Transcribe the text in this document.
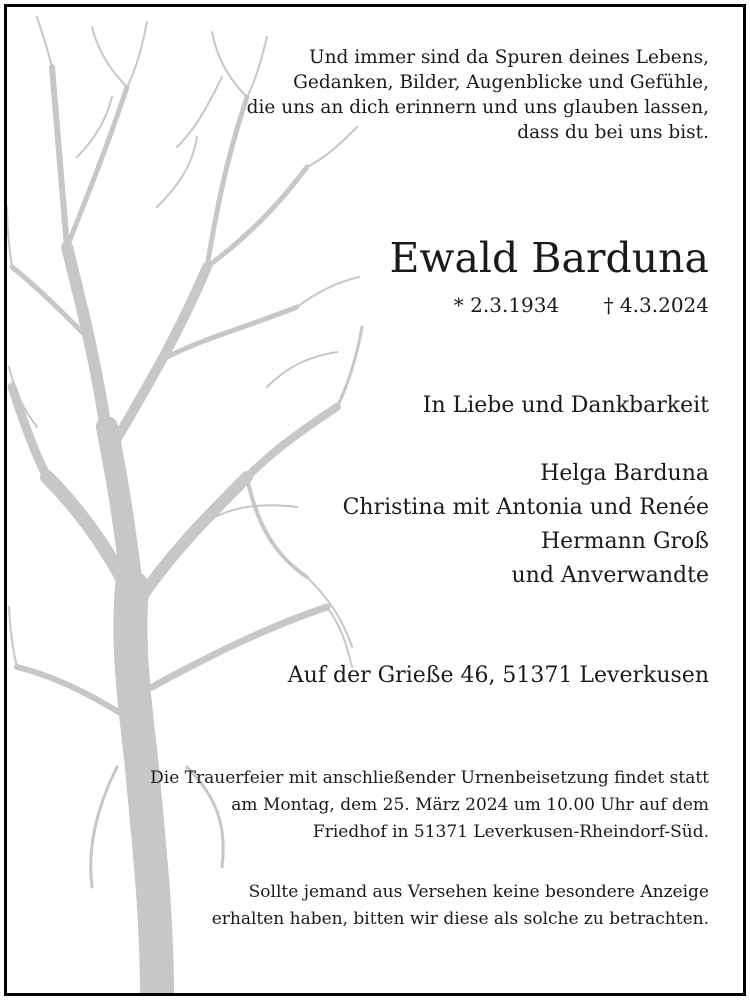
Und immer sind da Spuren deines Lebens,
Gedanken, Bilder, Augenblicke und Gefühle,
die uns an dich erinnern und uns glauben lassen,
dass du bei uns bist.
Ewald Barduna
* 2.3.1934 † 4.3.2024
In Liebe und Dankbarkeit
Helga Barduna
Christina mit Antonia und Renée
Hermann Groß
und Anverwandte
Auf der Grieße 46, 51371 Leverkusen
Die Trauerfeier mit anschließender Urnenbeisetzung findet statt
am Montag, dem 25. März 2024 um 10.00 Uhr auf dem
Friedhof in 51371 Leverkusen-Rheindorf-Süd.
Sollte jemand aus Versehen keine besondere Anzeige
erhalten haben, bitten wir diese als solche zu betrachten.
